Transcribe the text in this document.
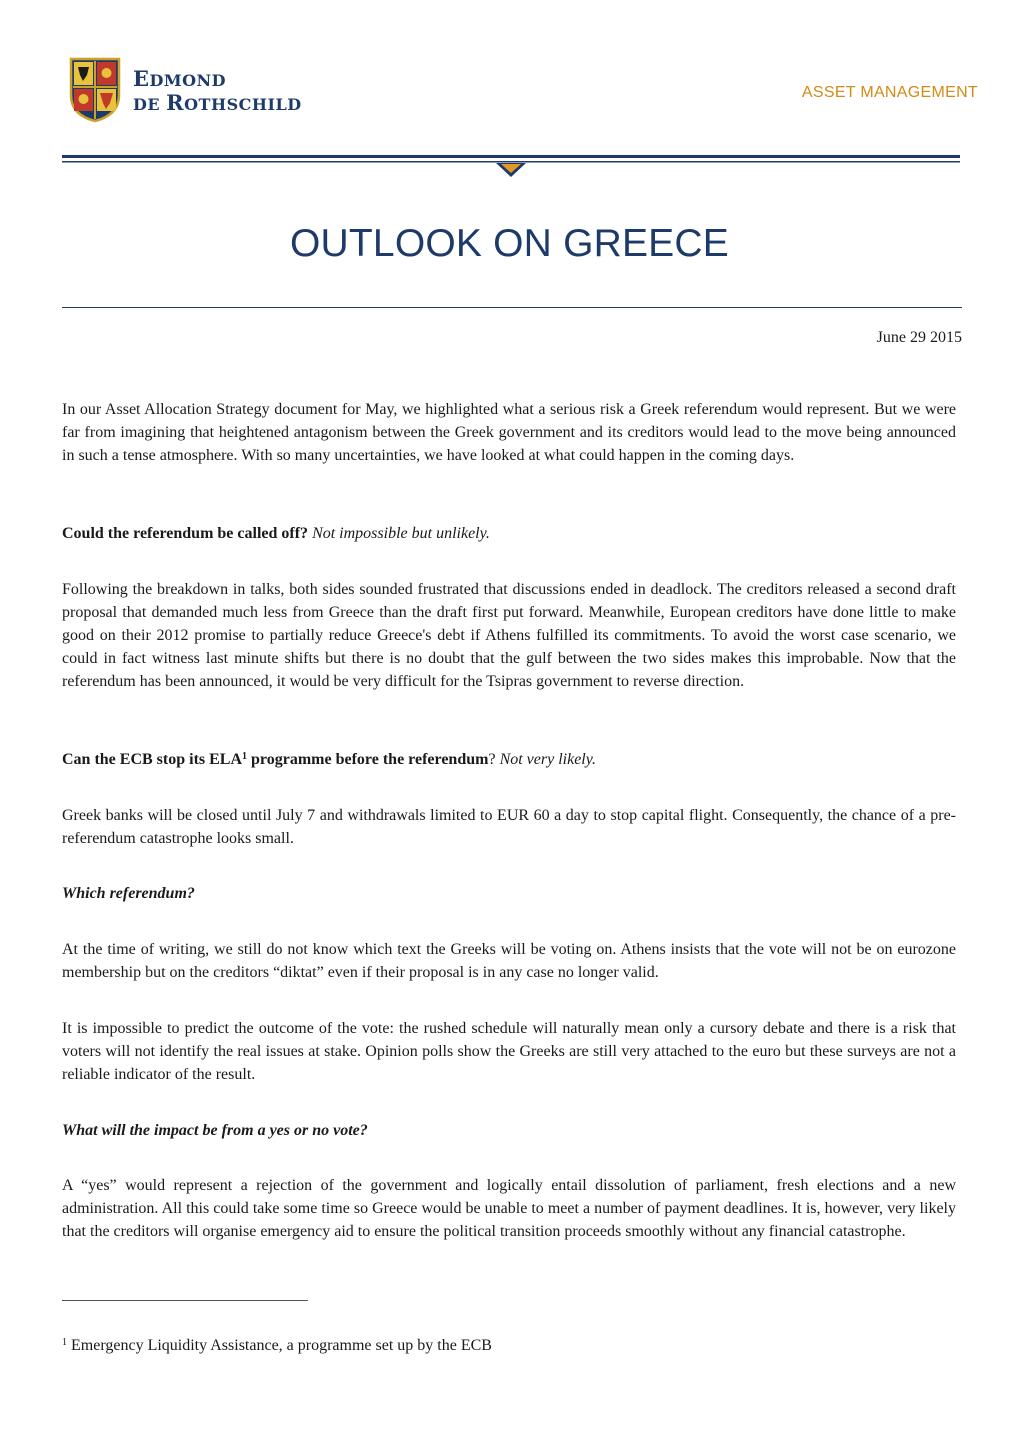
EDMOND
DE ROTHSCHILD
ASSET MANAGEMENT
OUTLOOK ON GREECE
June 29 2015

In our Asset Allocation Strategy document for May, we highlighted what a serious risk a Greek referendum would represent. But we were far from imagining that heightened antagonism between the Greek government and its creditors would lead to the move being announced in such a tense atmosphere. With so many uncertainties, we have looked at what could happen in the coming days.

Could the referendum be called off? Not impossible but unlikely.

Following the breakdown in talks, both sides sounded frustrated that discussions ended in deadlock. The creditors released a second draft proposal that demanded much less from Greece than the draft first put forward. Meanwhile, European creditors have done little to make good on their 2012 promise to partially reduce Greece's debt if Athens fulfilled its commitments. To avoid the worst case scenario, we could in fact witness last minute shifts but there is no doubt that the gulf between the two sides makes this improbable. Now that the referendum has been announced, it would be very difficult for the Tsipras government to reverse direction.

Can the ECB stop its ELA$^1$ programme before the referendum? Not very likely.

Greek banks will be closed until July 7 and withdrawals limited to EUR 60 a day to stop capital flight. Consequently, the chance of a pre-referendum catastrophe looks small.

Which referendum?

At the time of writing, we still do not know which text the Greeks will be voting on. Athens insists that the vote will not be on eurozone membership but on the creditors “diktat” even if their proposal is in any case no longer valid.

It is impossible to predict the outcome of the vote: the rushed schedule will naturally mean only a cursory debate and there is a risk that voters will not identify the real issues at stake. Opinion polls show the Greeks are still very attached to the euro but these surveys are not a reliable indicator of the result.

What will the impact be from a yes or no vote?

A “yes” would represent a rejection of the government and logically entail dissolution of parliament, fresh elections and a new administration. All this could take some time so Greece would be unable to meet a number of payment deadlines. It is, however, very likely that the creditors will organise emergency aid to ensure the political transition proceeds smoothly without any financial catastrophe.

$^1$ Emergency Liquidity Assistance, a programme set up by the ECB
